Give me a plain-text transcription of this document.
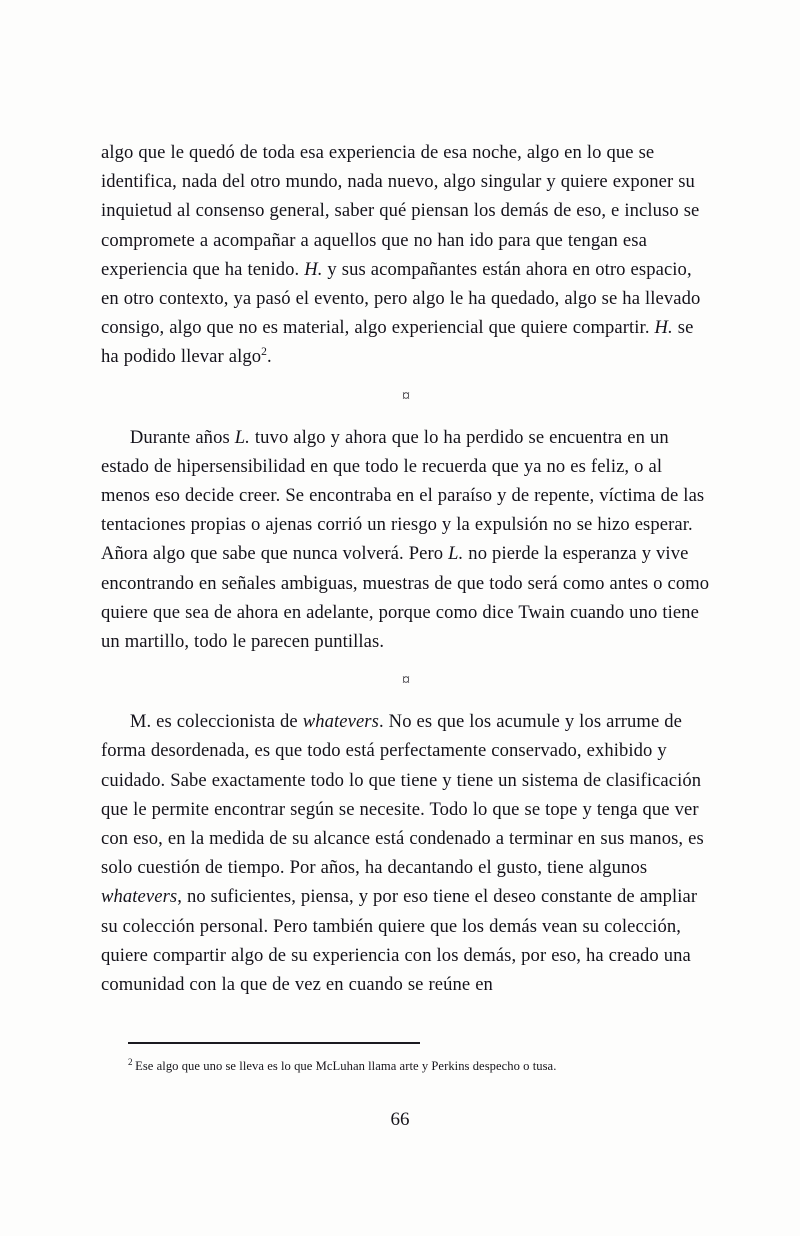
algo que le quedó de toda esa experiencia de esa noche, algo en lo que se identifica, nada del otro mundo, nada nuevo, algo singular y quiere exponer su inquietud al consenso general, saber qué piensan los demás de eso, e incluso se compromete a acompañar a aquellos que no han ido para que tengan esa experiencia que ha tenido. H. y sus acompañantes están ahora en otro espacio, en otro contexto, ya pasó el evento, pero algo le ha quedado, algo se ha llevado consigo, algo que no es material, algo experiencial que quiere compartir. H. se ha podido llevar algo$^2$.

¤

Durante años L. tuvo algo y ahora que lo ha perdido se encuentra en un estado de hipersensibilidad en que todo le recuerda que ya no es feliz, o al menos eso decide creer. Se encontraba en el paraíso y de repente, víctima de las tentaciones propias o ajenas corrió un riesgo y la expulsión no se hizo esperar. Añora algo que sabe que nunca volverá. Pero L. no pierde la esperanza y vive encontrando en señales ambiguas, muestras de que todo será como antes o como quiere que sea de ahora en adelante, porque como dice Twain cuando uno tiene un martillo, todo le parecen puntillas.

¤

M. es coleccionista de whatevers. No es que los acumule y los arrume de forma desordenada, es que todo está perfectamente conservado, exhibido y cuidado. Sabe exactamente todo lo que tiene y tiene un sistema de clasificación que le permite encontrar según se necesite. Todo lo que se tope y tenga que ver con eso, en la medida de su alcance está condenado a terminar en sus manos, es solo cuestión de tiempo. Por años, ha decantando el gusto, tiene algunos whatevers, no suficientes, piensa, y por eso tiene el deseo constante de ampliar su colección personal. Pero también quiere que los demás vean su colección, quiere compartir algo de su experiencia con los demás, por eso, ha creado una comunidad con la que de vez en cuando se reúne en

$^2$ Ese algo que uno se lleva es lo que McLuhan llama arte y Perkins despecho o tusa.

66
